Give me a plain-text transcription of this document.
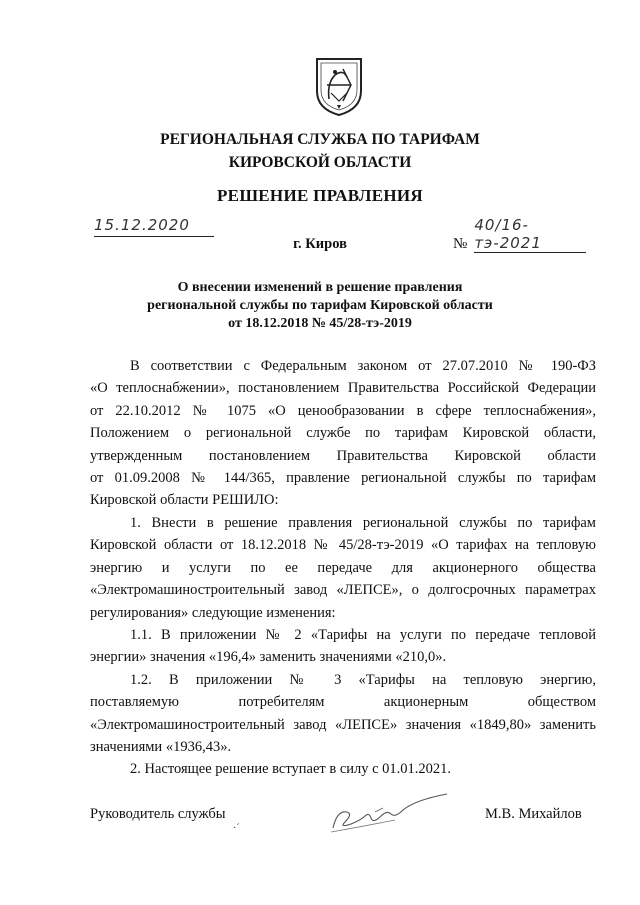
РЕГИОНАЛЬНАЯ СЛУЖБА ПО ТАРИФАМ
КИРОВСКОЙ ОБЛАСТИ
РЕШЕНИЕ ПРАВЛЕНИЯ
15.12.2020
№ 40/16-тэ-2021
г. Киров
О внесении изменений в решение правления
региональной службы по тарифам Кировской области
от 18.12.2018 № 45/28-тэ-2019
В соответствии с Федеральным законом от 27.07.2010 № 190-ФЗ
«О теплоснабжении», постановлением Правительства Российской Федерации
от 22.10.2012 № 1075 «О ценообразовании в сфере теплоснабжения»,
Положением о региональной службе по тарифам Кировской области,
утвержденным постановлением Правительства Кировской области
от 01.09.2008 № 144/365, правление региональной службы по тарифам
Кировской области РЕШИЛО:
1. Внести в решение правления региональной службы по тарифам
Кировской области от 18.12.2018 № 45/28-тэ-2019 «О тарифах на тепловую
энергию и услуги по ее передаче для акционерного общества
«Электромашиностроительный завод «ЛЕПСЕ», о долгосрочных параметрах
регулирования» следующие изменения:
1.1. В приложении № 2 «Тарифы на услуги по передаче тепловой
энергии» значения «196,4» заменить значениями «210,0».
1.2. В приложении № 3 «Тарифы на тепловую энергию,
поставляемую потребителям акционерным обществом
«Электромашиностроительный завод «ЛЕПСЕ» значения «1849,80» заменить
значениями «1936,43».
2. Настоящее решение вступает в силу с 01.01.2021.
Руководитель службы	М.В. Михайлов
·´
